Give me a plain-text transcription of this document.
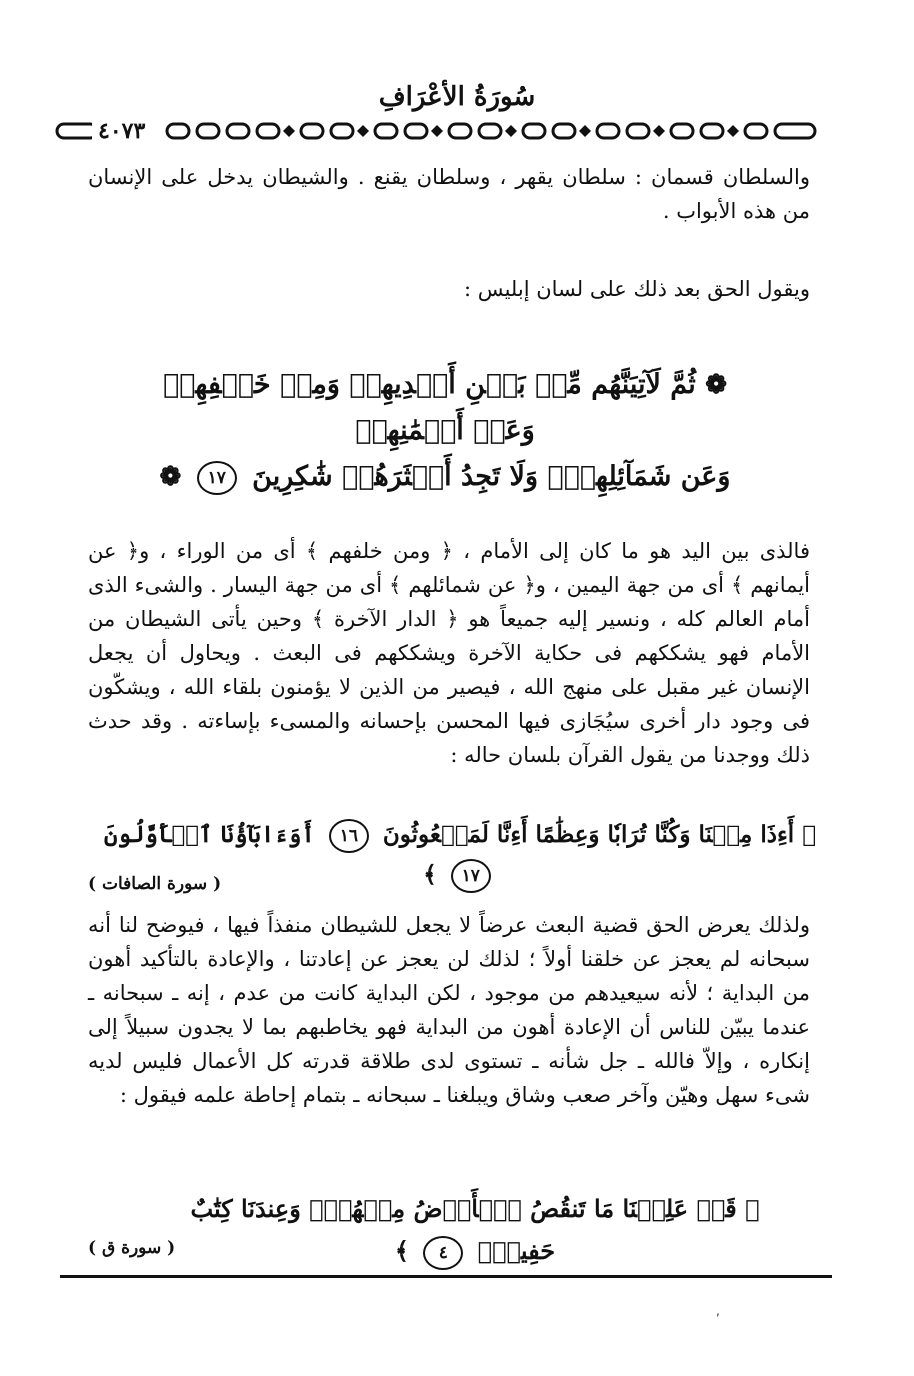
سُورَةُ الأعْرَافِ
٤٠٧٣
والسلطان قسمان : سلطان يقهر ، وسلطان يقنع . والشيطان يدخل على الإنسان من هذه الأبواب .
ويقول الحق بعد ذلك على لسان إبليس :
❁ ثُمَّ لَآتِيَنَّهُم مِّنۢ بَيۡنِ أَيۡدِيهِمۡ وَمِنۡ خَلۡفِهِمۡ وَعَنۡ أَيۡمَٰنِهِمۡ
وَعَن شَمَآئِلِهِمۡۖ وَلَا تَجِدُ أَكۡثَرَهُمۡ شَٰكِرِينَ ١٧ ❁
فالذى بين اليد هو ما كان إلى الأمام ، ﴿ ومن خلفهم ﴾ أى من الوراء ، و﴿ عن أيمانهم ﴾ أى من جهة اليمين ، و﴿ عن شمائلهم ﴾ أى من جهة اليسار . والشىء الذى أمام العالم كله ، ونسير إليه جميعاً هو ﴿ الدار الآخرة ﴾ وحين يأتى الشيطان من الأمام فهو يشككهم فى حكاية الآخرة ويشككهم فى البعث . ويحاول أن يجعل الإنسان غير مقبل على منهج الله ، فيصير من الذين لا يؤمنون بلقاء الله ، ويشكّون فى وجود دار أخرى سيُجَازى فيها المحسن بإحسانه والمسىء بإساءته . وقد حدث ذلك ووجدنا من يقول القرآن بلسان حاله :
﴿ أَءِذَا مِتۡنَا وَكُنَّا تُرَابٗا وَعِظَٰمًا أَءِنَّا لَمَبۡعُوثُونَ ١٦ أَوَءَابَآؤُنَا ٱلۡأَوَّلُونَ ١٧ ﴾
( سورة الصافات )
ولذلك يعرض الحق قضية البعث عرضاً لا يجعل للشيطان منفذاً فيها ، فيوضح لنا أنه سبحانه لم يعجز عن خلقنا أولاً ؛ لذلك لن يعجز عن إعادتنا ، والإعادة بالتأكيد أهون من البداية ؛ لأنه سيعيدهم من موجود ، لكن البداية كانت من عدم ، إنه ـ سبحانه ـ عندما يبيّن للناس أن الإعادة أهون من البداية فهو يخاطبهم بما لا يجدون سبيلاً إلى إنكاره ، وإلاّ فالله ـ جل شأنه ـ تستوى لدى طلاقة قدرته كل الأعمال فليس لديه شىء سهل وهيّن وآخر صعب وشاق ويبلغنا ـ سبحانه ـ بتمام إحاطة علمه فيقول :
﴿ قَدۡ عَلِمۡنَا مَا تَنقُصُ ٱلۡأَرۡضُ مِنۡهُمۡۖ وَعِندَنَا كِتَٰبٌ حَفِيظُۢ ٤ ﴾
( سورة ق )
,
